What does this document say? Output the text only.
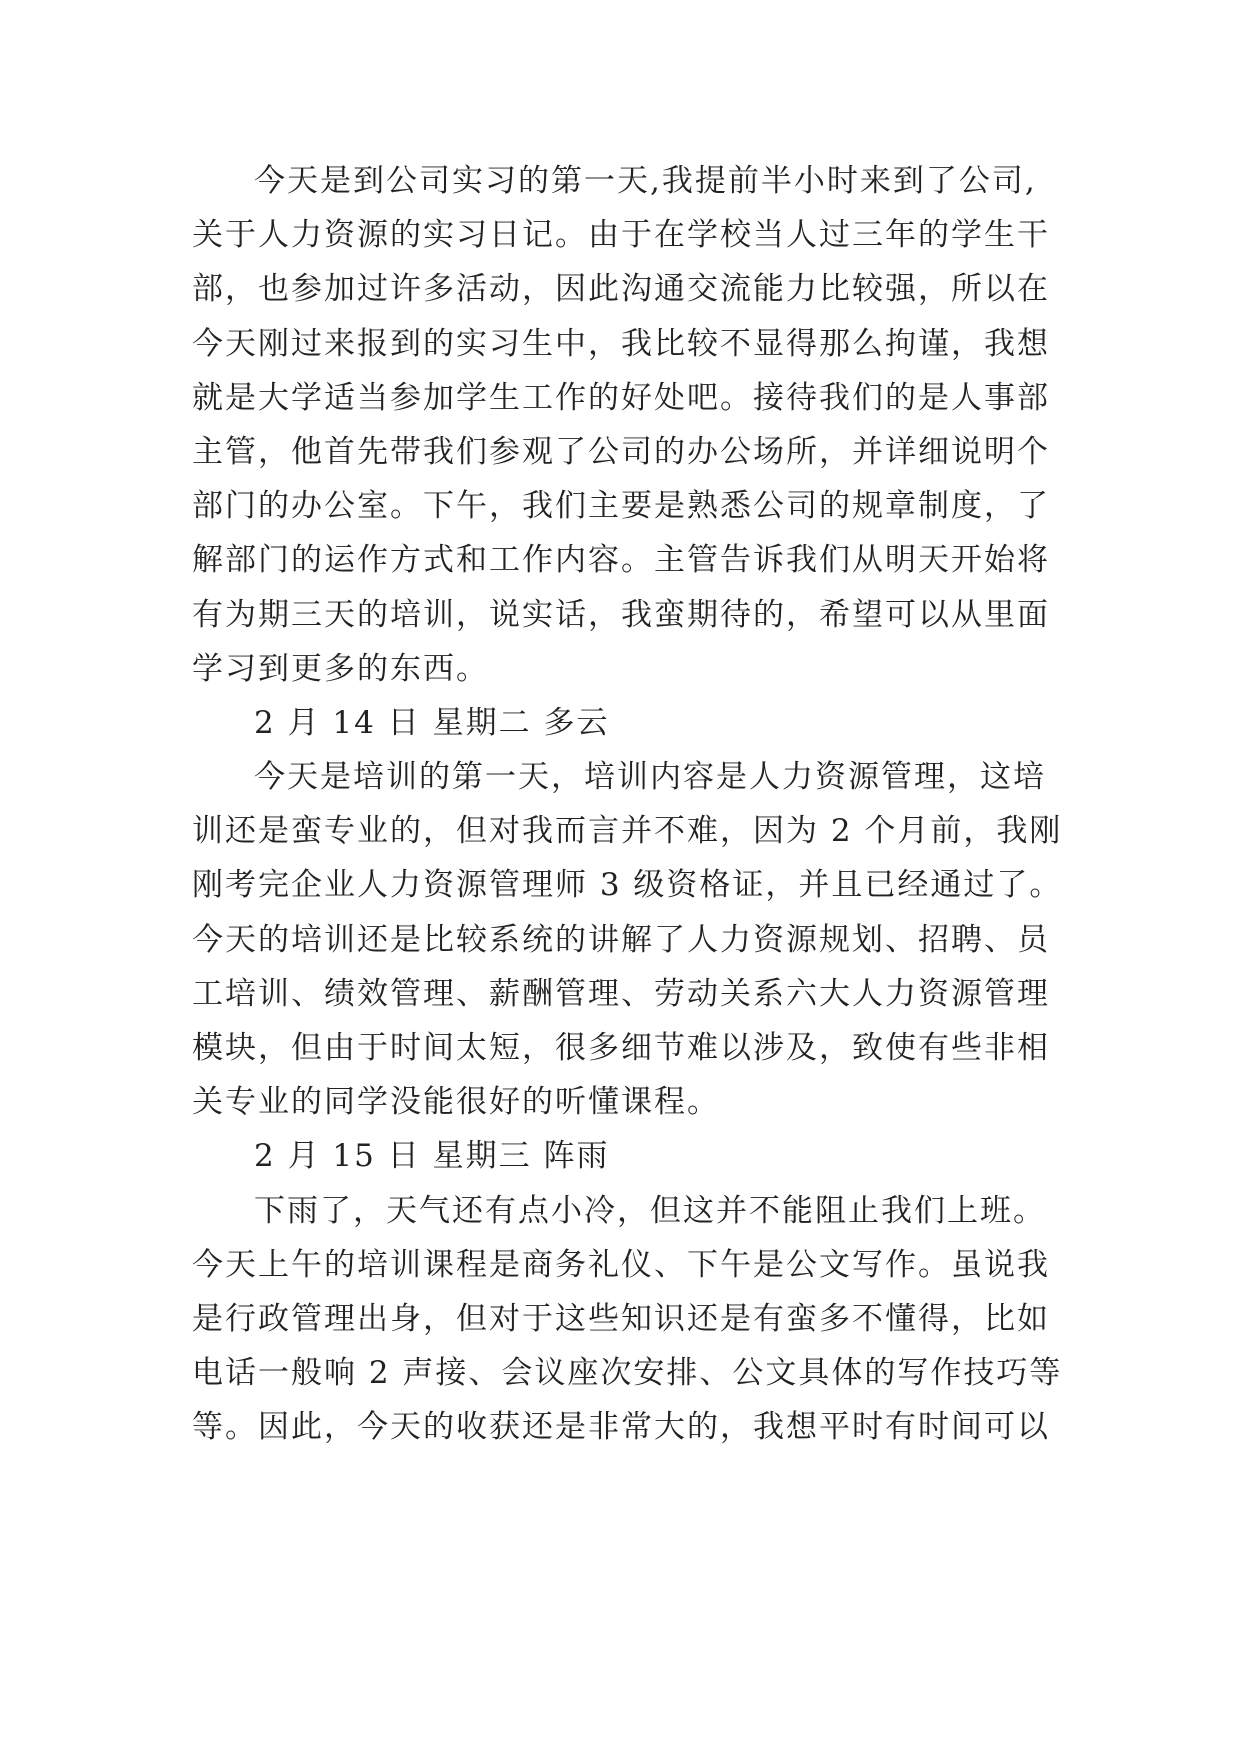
今天是到公司实习的第一天,我提前半小时来到了公司,
关于人力资源的实习日记。由于在学校当人过三年的学生干
部，也参加过许多活动，因此沟通交流能力比较强，所以在
今天刚过来报到的实习生中，我比较不显得那么拘谨，我想
就是大学适当参加学生工作的好处吧。接待我们的是人事部
主管，他首先带我们参观了公司的办公场所，并详细说明个
部门的办公室。下午，我们主要是熟悉公司的规章制度，了
解部门的运作方式和工作内容。主管告诉我们从明天开始将
有为期三天的培训，说实话，我蛮期待的，希望可以从里面
学习到更多的东西。
2 月 14 日 星期二 多云
今天是培训的第一天，培训内容是人力资源管理，这培
训还是蛮专业的，但对我而言并不难，因为 2 个月前，我刚
刚考完企业人力资源管理师 3 级资格证，并且已经通过了。
今天的培训还是比较系统的讲解了人力资源规划、招聘、员
工培训、绩效管理、薪酬管理、劳动关系六大人力资源管理
模块，但由于时间太短，很多细节难以涉及，致使有些非相
关专业的同学没能很好的听懂课程。
2 月 15 日 星期三 阵雨
下雨了，天气还有点小冷，但这并不能阻止我们上班。
今天上午的培训课程是商务礼仪、下午是公文写作。虽说我
是行政管理出身，但对于这些知识还是有蛮多不懂得，比如
电话一般响 2 声接、会议座次安排、公文具体的写作技巧等
等。因此，今天的收获还是非常大的，我想平时有时间可以
